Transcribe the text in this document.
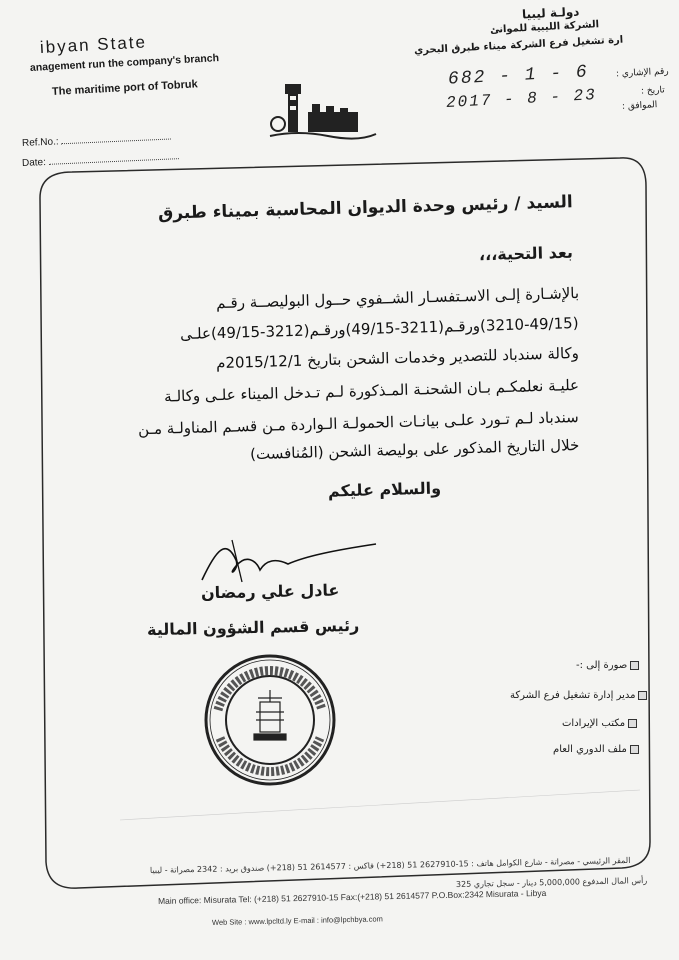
ibyan State
anagement run the company's branch
The maritime port of Tobruk
دولـة ليبيا
الشركة الليبية للموانئ
ارة تشغيل فرع الشركة ميناء طبرق البحري
رقم الإشاري :
تاريخ :
الموافق :
682 - 1 - 6
2017 - 8 - 23
Ref.No.:
Date:
السيد / رئيس وحدة الديوان المحاسبة بميناء طبرق
بعد التحية،،،
بالإشـارة إلـى الاسـتفسـار الشــفوي حــول البوليصــة رقـم
(3210-49/15)ورقـم(3211-49/15)ورقـم(3212-49/15)علـى
وكالة سندباد للتصدير وخدمات الشحن بتاريخ 2015/12/1م
عليـة نعلمكـم بـان الشحنـة المـذكورة لـم تـدخل الميناء علـى وكالـة
سندباد لـم تـورد علـى بيانـات الحمولـة الـواردة مـن قسـم المناولـة مـن
خلال التاريخ المذكور على بوليصة الشحن (المُنافست)
والسلام عليكم
عادل علي رمضان
رئيس قسم الشؤون المالية
صورة إلى :-
مدير إدارة تشغيل فرع الشركة
مكتب الإيرادات
ملف الدوري العام
المقر الرئيسي - مصراتة - شارع الكوامل هاتف : 15-2627910 51 (218+) فاكس : 2614577 51 (218+) صندوق بريد : 2342 مصراتة - ليبيا
رأس المال المدفوع 5,000,000 دينار - سجل تجاري 325
Main office: Misurata Tel: (+218) 51 2627910-15 Fax:(+218) 51 2614577 P.O.Box:2342 Misurata - Libya
Web Site : www.lpcltd.ly E-mail : info@lpchbya.com
